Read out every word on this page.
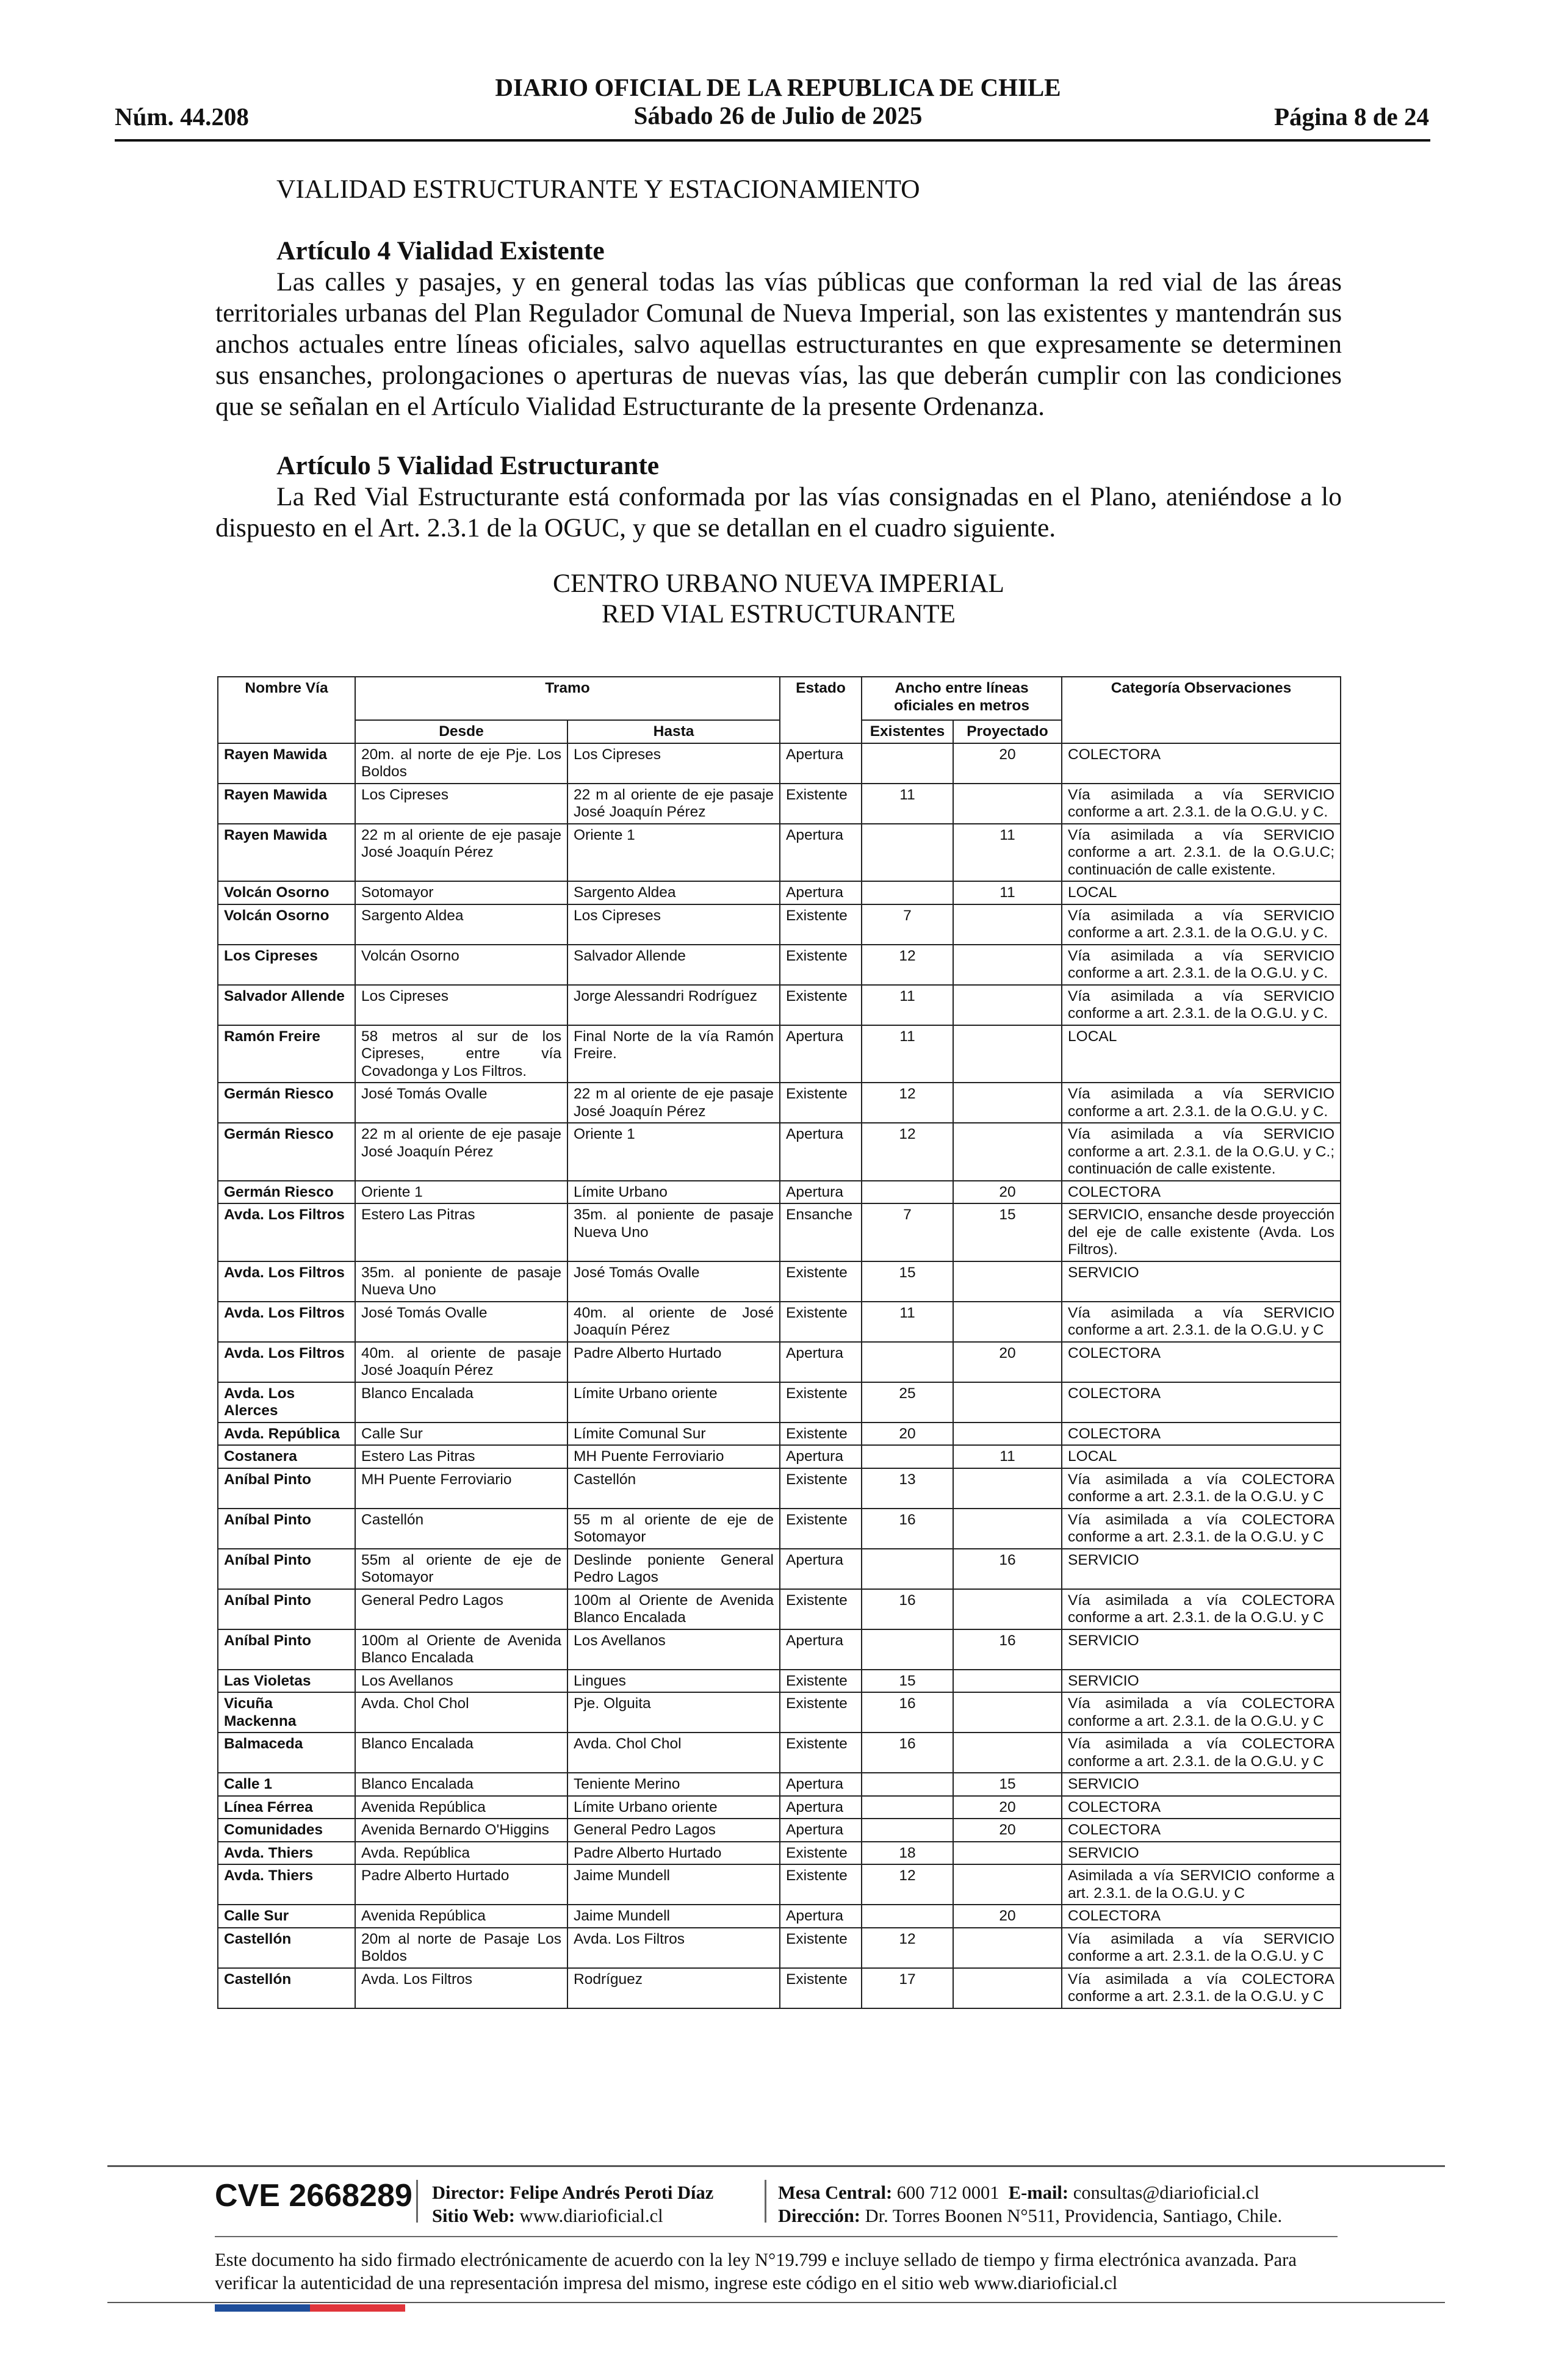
DIARIO OFICIAL DE LA REPUBLICA DE CHILE
Sábado 26 de Julio de 2025
Núm. 44.208	Página 8 de 24
VIALIDAD ESTRUCTURANTE Y ESTACIONAMIENTO
Artículo 4 Vialidad Existente

Las calles y pasajes, y en general todas las vías públicas que conforman la red vial de las áreas territoriales urbanas del Plan Regulador Comunal de Nueva Imperial, son las existentes y mantendrán sus anchos actuales entre líneas oficiales, salvo aquellas estructurantes en que expresamente se determinen sus ensanches, prolongaciones o aperturas de nuevas vías, las que deberán cumplir con las condiciones que se señalan en el Artículo Vialidad Estructurante de la presente Ordenanza.

Artículo 5 Vialidad Estructurante

La Red Vial Estructurante está conformada por las vías consignadas en el Plano, ateniéndose a lo dispuesto en el Art. 2.3.1 de la OGUC, y que se detallan en el cuadro siguiente.

CENTRO URBANO NUEVA IMPERIAL
RED VIAL ESTRUCTURANTE
Nombre Vía	Tramo		Estado	Ancho entre líneas oficiales en metros		Categoría Observaciones
	Desde	Hasta		Existentes	Proyectado	
Rayen Mawida	20m. al norte de eje Pje. Los Boldos	Los Cipreses	Apertura		20	COLECTORA
Rayen Mawida	Los Cipreses	22 m al oriente de eje pasaje José Joaquín Pérez	Existente	11		Vía asimilada a vía SERVICIO conforme a art. 2.3.1. de la O.G.U. y C.
Rayen Mawida	22 m al oriente de eje pasaje José Joaquín Pérez	Oriente 1	Apertura		11	Vía asimilada a vía SERVICIO conforme a art. 2.3.1. de la O.G.U.C; continuación de calle existente.
Volcán Osorno	Sotomayor	Sargento Aldea	Apertura		11	LOCAL
Volcán Osorno	Sargento Aldea	Los Cipreses	Existente	7		Vía asimilada a vía SERVICIO conforme a art. 2.3.1. de la O.G.U. y C.
Los Cipreses	Volcán Osorno	Salvador Allende	Existente	12		Vía asimilada a vía SERVICIO conforme a art. 2.3.1. de la O.G.U. y C.
Salvador Allende	Los Cipreses	Jorge Alessandri Rodríguez	Existente	11		Vía asimilada a vía SERVICIO conforme a art. 2.3.1. de la O.G.U. y C.
Ramón Freire	58 metros al sur de los Cipreses, entre vía Covadonga y Los Filtros.	Final Norte de la vía Ramón Freire.	Apertura	11		LOCAL
Germán Riesco	José Tomás Ovalle	22 m al oriente de eje pasaje José Joaquín Pérez	Existente	12		Vía asimilada a vía SERVICIO conforme a art. 2.3.1. de la O.G.U. y C.
Germán Riesco	22 m al oriente de eje pasaje José Joaquín Pérez	Oriente 1	Apertura	12		Vía asimilada a vía SERVICIO conforme a art. 2.3.1. de la O.G.U. y C.; continuación de calle existente.
Germán Riesco	Oriente 1	Límite Urbano	Apertura		20	COLECTORA
Avda. Los Filtros	Estero Las Pitras	35m. al poniente de pasaje Nueva Uno	Ensanche	7	15	SERVICIO, ensanche desde proyección del eje de calle existente (Avda. Los Filtros).
Avda. Los Filtros	35m. al poniente de pasaje Nueva Uno	José Tomás Ovalle	Existente	15		SERVICIO
Avda. Los Filtros	José Tomás Ovalle	40m. al oriente de José Joaquín Pérez	Existente	11		Vía asimilada a vía SERVICIO conforme a art. 2.3.1. de la O.G.U. y C
Avda. Los Filtros	40m. al oriente de pasaje José Joaquín Pérez	Padre Alberto Hurtado	Apertura		20	COLECTORA
Avda. Los Alerces	Blanco Encalada	Límite Urbano oriente	Existente	25		COLECTORA
Avda. República	Calle Sur	Límite Comunal Sur	Existente	20		COLECTORA
Costanera	Estero Las Pitras	MH Puente Ferroviario	Apertura		11	LOCAL
Aníbal Pinto	MH Puente Ferroviario	Castellón	Existente	13		Vía asimilada a vía COLECTORA conforme a art. 2.3.1. de la O.G.U. y C
Aníbal Pinto	Castellón	55 m al oriente de eje de Sotomayor	Existente	16		Vía asimilada a vía COLECTORA conforme a art. 2.3.1. de la O.G.U. y C
Aníbal Pinto	55m al oriente de eje de Sotomayor	Deslinde poniente General Pedro Lagos	Apertura		16	SERVICIO
Aníbal Pinto	General Pedro Lagos	100m al Oriente de Avenida Blanco Encalada	Existente	16		Vía asimilada a vía COLECTORA conforme a art. 2.3.1. de la O.G.U. y C
Aníbal Pinto	100m al Oriente de Avenida Blanco Encalada	Los Avellanos	Apertura		16	SERVICIO
Las Violetas	Los Avellanos	Lingues	Existente	15		SERVICIO
Vicuña Mackenna	Avda. Chol Chol	Pje. Olguita	Existente	16		Vía asimilada a vía COLECTORA conforme a art. 2.3.1. de la O.G.U. y C
Balmaceda	Blanco Encalada	Avda. Chol Chol	Existente	16		Vía asimilada a vía COLECTORA conforme a art. 2.3.1. de la O.G.U. y C
Calle 1	Blanco Encalada	Teniente Merino	Apertura		15	SERVICIO
Línea Férrea	Avenida República	Límite Urbano oriente	Apertura		20	COLECTORA
Comunidades	Avenida Bernardo O'Higgins	General Pedro Lagos	Apertura		20	COLECTORA
Avda. Thiers	Avda. República	Padre Alberto Hurtado	Existente	18		SERVICIO
Avda. Thiers	Padre Alberto Hurtado	Jaime Mundell	Existente	12		Asimilada a vía SERVICIO conforme a art. 2.3.1. de la O.G.U. y C
Calle Sur	Avenida República	Jaime Mundell	Apertura		20	COLECTORA
Castellón	20m al norte de Pasaje Los Boldos	Avda. Los Filtros	Existente	12		Vía asimilada a vía SERVICIO conforme a art. 2.3.1. de la O.G.U. y C
Castellón	Avda. Los Filtros	Rodríguez	Existente	17		Vía asimilada a vía COLECTORA conforme a art. 2.3.1. de la O.G.U. y C
CVE 2668289 Director: Felipe Andrés Peroti Díaz
Sitio Web: www.diarioficial.cl
Mesa Central: 600 712 0001 E-mail: consultas@diarioficial.cl
Dirección: Dr. Torres Boonen N°511, Providencia, Santiago, Chile.
Este documento ha sido firmado electrónicamente de acuerdo con la ley N°19.799 e incluye sellado de tiempo y firma electrónica avanzada. Para verificar la autenticidad de una representación impresa del mismo, ingrese este código en el sitio web www.diarioficial.cl
